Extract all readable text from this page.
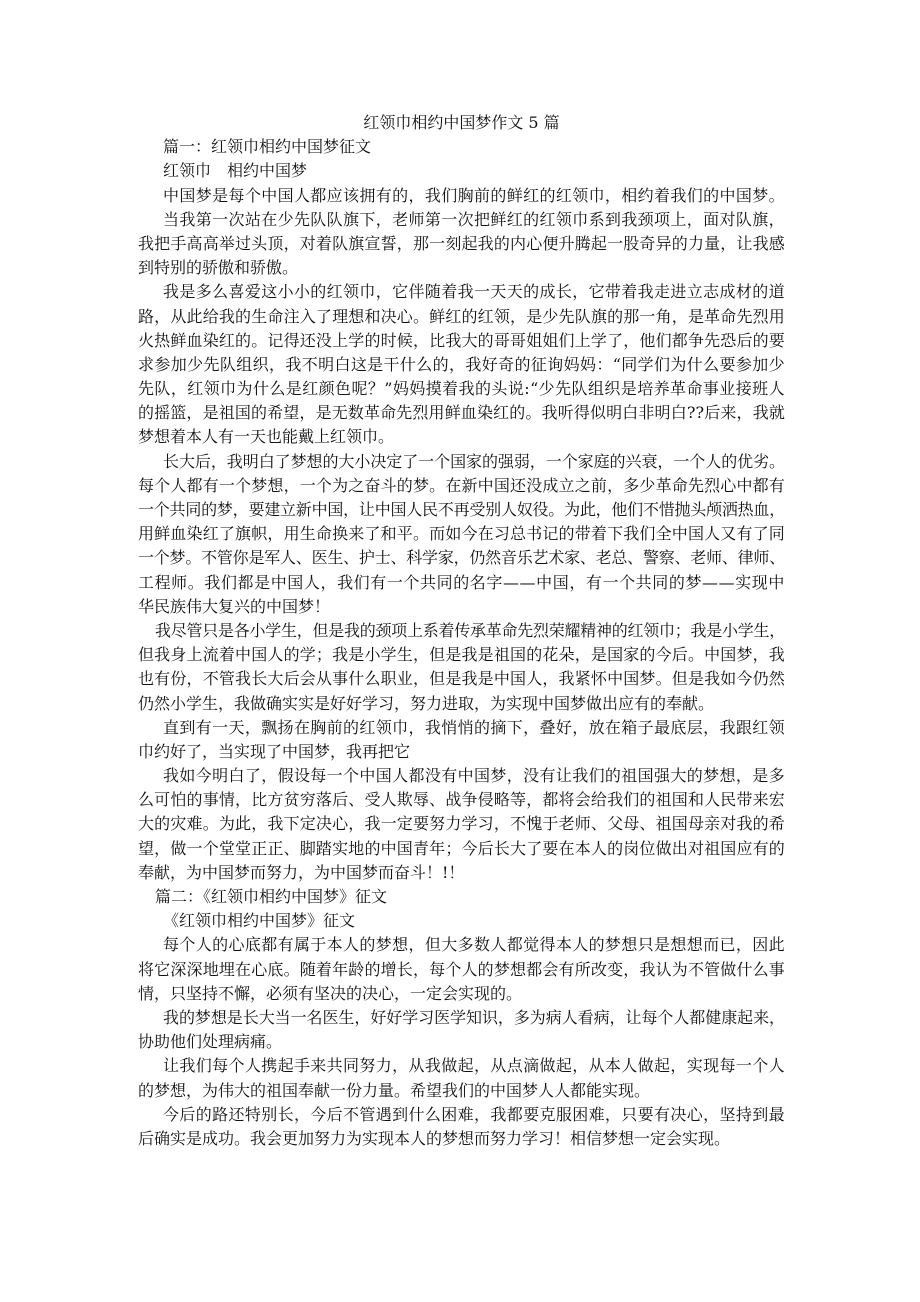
红领巾相约中国梦作文 5 篇
篇一：红领巾相约中国梦征文
红领巾　相约中国梦
中国梦是每个中国人都应该拥有的，我们胸前的鲜红的红领巾，相约着我们的中国梦。
当我第一次站在少先队队旗下，老师第一次把鲜红的红领巾系到我颈项上，面对队旗，
我把手高高举过头顶，对着队旗宣誓，那一刻起我的内心便升腾起一股奇异的力量，让我感
到特别的骄傲和骄傲。
我是多么喜爱这小小的红领巾，它伴随着我一天天的成长，它带着我走进立志成材的道
路，从此给我的生命注入了理想和决心。鲜红的红领，是少先队旗的那一角，是革命先烈用
火热鲜血染红的。记得还没上学的时候，比我大的哥哥姐姐们上学了，他们都争先恐后的要
求参加少先队组织，我不明白这是干什么的，我好奇的征询妈妈：“同学们为什么要参加少
先队，红领巾为什么是红颜色呢？”妈妈摸着我的头说:“少先队组织是培养革命事业接班人
的摇篮，是祖国的希望，是无数革命先烈用鲜血染红的。我听得似明白非明白??后来，我就
梦想着本人有一天也能戴上红领巾。
长大后，我明白了梦想的大小决定了一个国家的强弱，一个家庭的兴衰，一个人的优劣。
每个人都有一个梦想，一个为之奋斗的梦。在新中国还没成立之前，多少革命先烈心中都有
一个共同的梦，要建立新中国，让中国人民不再受别人奴役。为此，他们不惜抛头颅洒热血，
用鲜血染红了旗帜，用生命换来了和平。而如今在习总书记的带着下我们全中国人又有了同
一个梦。不管你是军人、医生、护士、科学家，仍然音乐艺术家、老总、警察、老师、律师、
工程师。我们都是中国人，我们有一个共同的名字——中国，有一个共同的梦——实现中
华民族伟大复兴的中国梦！
我尽管只是各小学生，但是我的颈项上系着传承革命先烈荣耀精神的红领巾；我是小学生，
但我身上流着中国人的学；我是小学生，但是我是祖国的花朵，是国家的今后。中国梦，我
也有份，不管我长大后会从事什么职业，但是我是中国人，我紧怀中国梦。但是我如今仍然
仍然小学生，我做确实实是好好学习，努力进取，为实现中国梦做出应有的奉献。
直到有一天，飘扬在胸前的红领巾，我悄悄的摘下，叠好，放在箱子最底层，我跟红领
巾约好了，当实现了中国梦，我再把它
我如今明白了，假设每一个中国人都没有中国梦，没有让我们的祖国强大的梦想，是多
么可怕的事情，比方贫穷落后、受人欺辱、战争侵略等，都将会给我们的祖国和人民带来宏
大的灾难。为此，我下定决心，我一定要努力学习，不愧于老师、父母、祖国母亲对我的希
望，做一个堂堂正正、脚踏实地的中国青年；今后长大了要在本人的岗位做出对祖国应有的
奉献，为中国梦而努力，为中国梦而奋斗！!！
篇二：《红领巾相约中国梦》征文
《红领巾相约中国梦》征文
每个人的心底都有属于本人的梦想，但大多数人都觉得本人的梦想只是想想而已，因此
将它深深地埋在心底。随着年龄的增长，每个人的梦想都会有所改变，我认为不管做什么事
情，只坚持不懈，必须有坚决的决心，一定会实现的。
我的梦想是长大当一名医生，好好学习医学知识，多为病人看病，让每个人都健康起来，
协助他们处理病痛。
让我们每个人携起手来共同努力，从我做起，从点滴做起，从本人做起，实现每一个人
的梦想，为伟大的祖国奉献一份力量。希望我们的中国梦人人都能实现。
今后的路还特别长，今后不管遇到什么困难，我都要克服困难，只要有决心，坚持到最
后确实是成功。我会更加努力为实现本人的梦想而努力学习！相信梦想一定会实现。
